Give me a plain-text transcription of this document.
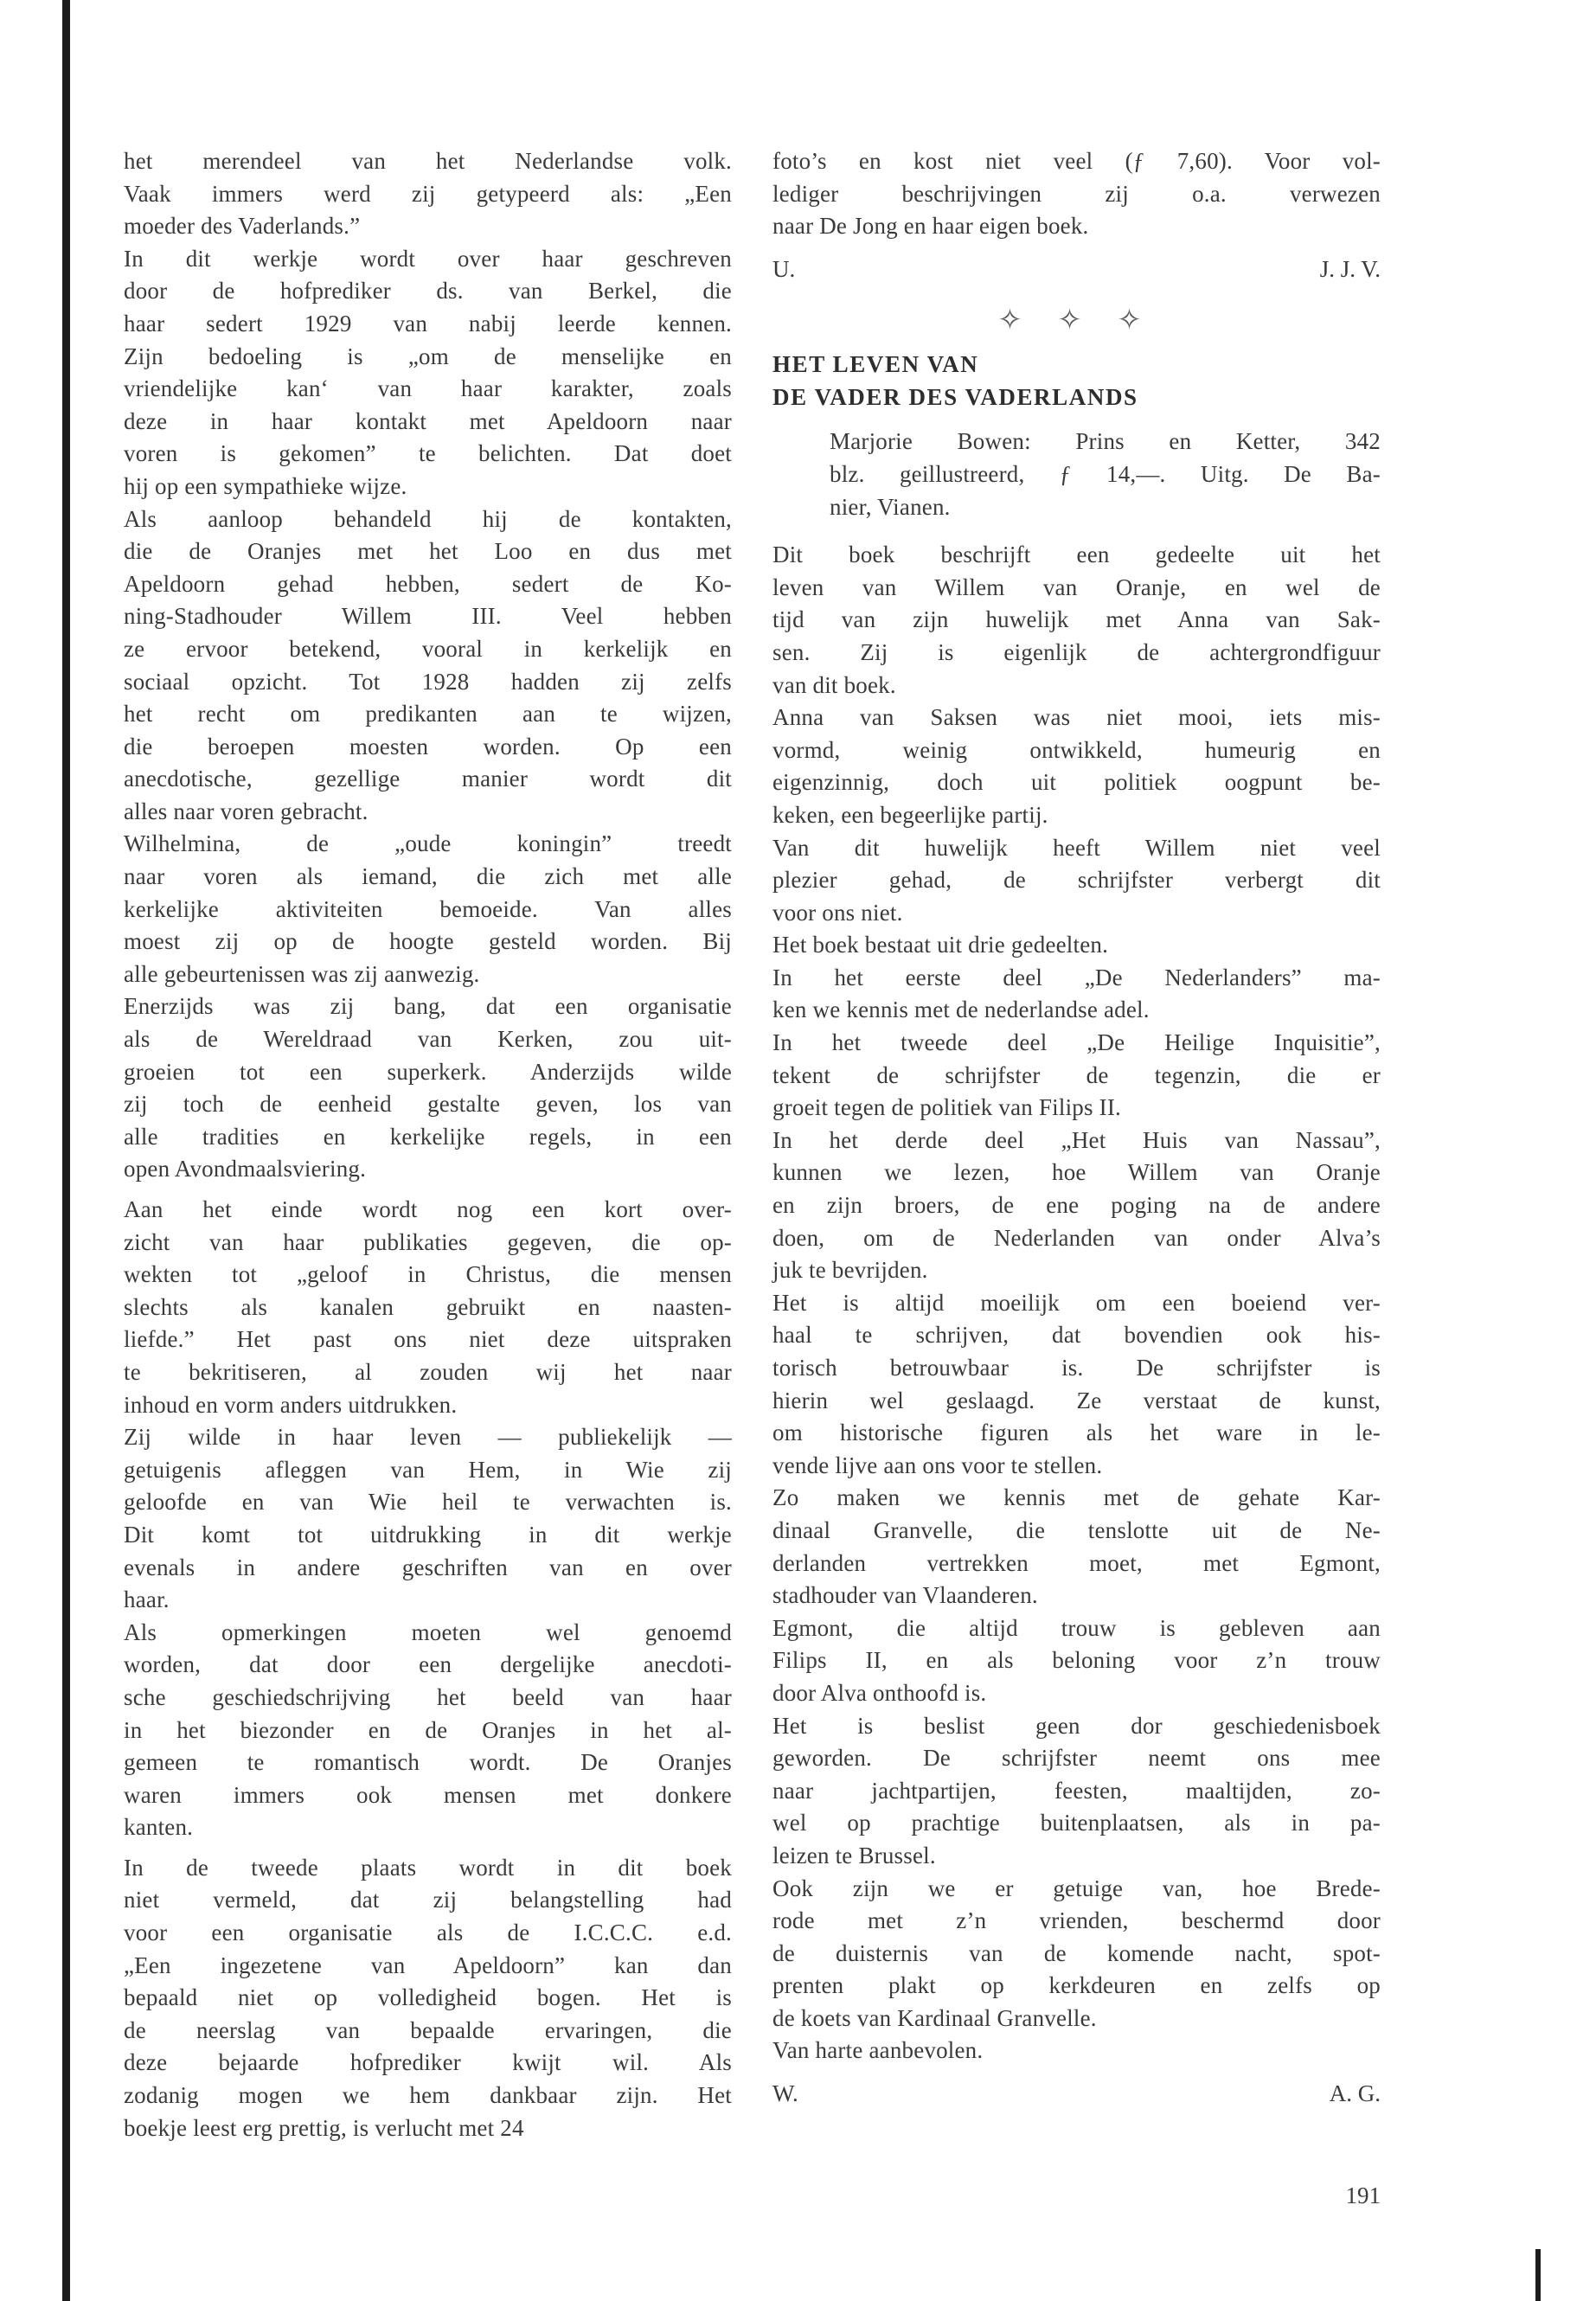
het merendeel van het Nederlandse volk.
Vaak immers werd zij getypeerd als: „Een
moeder des Vaderlands.”
In dit werkje wordt over haar geschreven
door de hofprediker ds. van Berkel, die
haar sedert 1929 van nabij leerde kennen.
Zijn bedoeling is „om de menselijke en
vriendelijke kan‘ van haar karakter, zoals
deze in haar kontakt met Apeldoorn naar
voren is gekomen” te belichten. Dat doet
hij op een sympathieke wijze.
Als aanloop behandeld hij de kontakten,
die de Oranjes met het Loo en dus met
Apeldoorn gehad hebben, sedert de Ko-
ning-Stadhouder Willem III. Veel hebben
ze ervoor betekend, vooral in kerkelijk en
sociaal opzicht. Tot 1928 hadden zij zelfs
het recht om predikanten aan te wijzen,
die beroepen moesten worden. Op een
anecdotische, gezellige manier wordt dit
alles naar voren gebracht.
Wilhelmina, de „oude koningin” treedt
naar voren als iemand, die zich met alle
kerkelijke aktiviteiten bemoeide. Van alles
moest zij op de hoogte gesteld worden. Bij
alle gebeurtenissen was zij aanwezig.
Enerzijds was zij bang, dat een organisatie
als de Wereldraad van Kerken, zou uit-
groeien tot een superkerk. Anderzijds wilde
zij toch de eenheid gestalte geven, los van
alle tradities en kerkelijke regels, in een
open Avondmaalsviering.
Aan het einde wordt nog een kort over-
zicht van haar publikaties gegeven, die op-
wekten tot „geloof in Christus, die mensen
slechts als kanalen gebruikt en naasten-
liefde.” Het past ons niet deze uitspraken
te bekritiseren, al zouden wij het naar
inhoud en vorm anders uitdrukken.
Zij wilde in haar leven — publiekelijk —
getuigenis afleggen van Hem, in Wie zij
geloofde en van Wie heil te verwachten is.
Dit komt tot uitdrukking in dit werkje
evenals in andere geschriften van en over
haar.
Als opmerkingen moeten wel genoemd
worden, dat door een dergelijke anecdoti-
sche geschiedschrijving het beeld van haar
in het biezonder en de Oranjes in het al-
gemeen te romantisch wordt. De Oranjes
waren immers ook mensen met donkere
kanten.
In de tweede plaats wordt in dit boek
niet vermeld, dat zij belangstelling had
voor een organisatie als de I.C.C.C. e.d.
„Een ingezetene van Apeldoorn” kan dan
bepaald niet op volledigheid bogen. Het is
de neerslag van bepaalde ervaringen, die
deze bejaarde hofprediker kwijt wil. Als
zodanig mogen we hem dankbaar zijn. Het
boekje leest erg prettig, is verlucht met 24
foto’s en kost niet veel (ƒ 7,60). Voor vol-
lediger beschrijvingen zij o.a. verwezen
naar De Jong en haar eigen boek.
U.	J. J. V.
✧ ✧ ✧
HET LEVEN VAN
DE VADER DES VADERLANDS
Marjorie Bowen: Prins en Ketter, 342
blz. geillustreerd, ƒ 14,—. Uitg. De Ba-
nier, Vianen.
Dit boek beschrijft een gedeelte uit het
leven van Willem van Oranje, en wel de
tijd van zijn huwelijk met Anna van Sak-
sen. Zij is eigenlijk de achtergrondfiguur
van dit boek.
Anna van Saksen was niet mooi, iets mis-
vormd, weinig ontwikkeld, humeurig en
eigenzinnig, doch uit politiek oogpunt be-
keken, een begeerlijke partij.
Van dit huwelijk heeft Willem niet veel
plezier gehad, de schrijfster verbergt dit
voor ons niet.
Het boek bestaat uit drie gedeelten.
In het eerste deel „De Nederlanders” ma-
ken we kennis met de nederlandse adel.
In het tweede deel „De Heilige Inquisitie”,
tekent de schrijfster de tegenzin, die er
groeit tegen de politiek van Filips II.
In het derde deel „Het Huis van Nassau”,
kunnen we lezen, hoe Willem van Oranje
en zijn broers, de ene poging na de andere
doen, om de Nederlanden van onder Alva’s
juk te bevrijden.
Het is altijd moeilijk om een boeiend ver-
haal te schrijven, dat bovendien ook his-
torisch betrouwbaar is. De schrijfster is
hierin wel geslaagd. Ze verstaat de kunst,
om historische figuren als het ware in le-
vende lijve aan ons voor te stellen.
Zo maken we kennis met de gehate Kar-
dinaal Granvelle, die tenslotte uit de Ne-
derlanden vertrekken moet, met Egmont,
stadhouder van Vlaanderen.
Egmont, die altijd trouw is gebleven aan
Filips II, en als beloning voor z’n trouw
door Alva onthoofd is.
Het is beslist geen dor geschiedenisboek
geworden. De schrijfster neemt ons mee
naar jachtpartijen, feesten, maaltijden, zo-
wel op prachtige buitenplaatsen, als in pa-
leizen te Brussel.
Ook zijn we er getuige van, hoe Brede-
rode met z’n vrienden, beschermd door
de duisternis van de komende nacht, spot-
prenten plakt op kerkdeuren en zelfs op
de koets van Kardinaal Granvelle.
Van harte aanbevolen.
W.	A. G.
191
